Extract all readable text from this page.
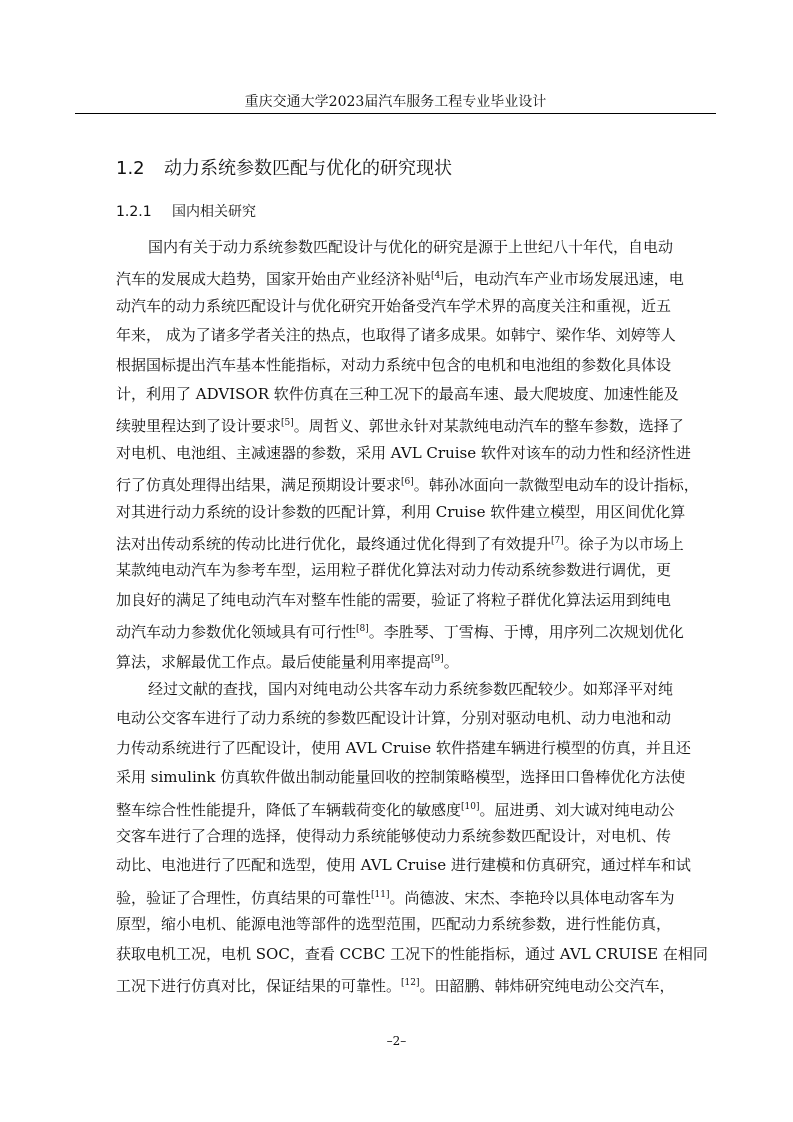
重庆交通大学2023届汽车服务工程专业毕业设计
1.2 动力系统参数匹配与优化的研究现状
1.2.1 国内相关研究
国内有关于动力系统参数匹配设计与优化的研究是源于上世纪八十年代，自电动
汽车的发展成大趋势，国家开始由产业经济补贴[4]后，电动汽车产业市场发展迅速，电
动汽车的动力系统匹配设计与优化研究开始备受汽车学术界的高度关注和重视，近五
年来， 成为了诸多学者关注的热点，也取得了诸多成果。如韩宁、梁作华、刘婷等人
根据国标提出汽车基本性能指标，对动力系统中包含的电机和电池组的参数化具体设
计，利用了 ADVISOR 软件仿真在三种工况下的最高车速、最大爬坡度、加速性能及
续驶里程达到了设计要求[5]。周哲义、郭世永针对某款纯电动汽车的整车参数，选择了
对电机、电池组、主减速器的参数，采用 AVL Cruise 软件对该车的动力性和经济性进
行了仿真处理得出结果，满足预期设计要求[6]。韩孙冰面向一款微型电动车的设计指标，
对其进行动力系统的设计参数的匹配计算，利用 Cruise 软件建立模型，用区间优化算
法对出传动系统的传动比进行优化，最终通过优化得到了有效提升[7]。徐子为以市场上
某款纯电动汽车为参考车型，运用粒子群优化算法对动力传动系统参数进行调优，更
加良好的满足了纯电动汽车对整车性能的需要，验证了将粒子群优化算法运用到纯电
动汽车动力参数优化领域具有可行性[8]。李胜琴、丁雪梅、于博，用序列二次规划优化
算法，求解最优工作点。最后使能量利用率提高[9]。
经过文献的查找，国内对纯电动公共客车动力系统参数匹配较少。如郑泽平对纯
电动公交客车进行了动力系统的参数匹配设计计算，分别对驱动电机、动力电池和动
力传动系统进行了匹配设计，使用 AVL Cruise 软件搭建车辆进行模型的仿真，并且还
采用 simulink 仿真软件做出制动能量回收的控制策略模型，选择田口鲁棒优化方法使
整车综合性性能提升，降低了车辆载荷变化的敏感度[10]。屈进勇、刘大诚对纯电动公
交客车进行了合理的选择，使得动力系统能够使动力系统参数匹配设计，对电机、传
动比、电池进行了匹配和选型，使用 AVL Cruise 进行建模和仿真研究，通过样车和试
验，验证了合理性，仿真结果的可靠性[11]。尚德波、宋杰、李艳玲以具体电动客车为
原型，缩小电机、能源电池等部件的选型范围，匹配动力系统参数，进行性能仿真，
获取电机工况，电机 SOC，查看 CCBC 工况下的性能指标，通过 AVL CRUISE 在相同
工况下进行仿真对比，保证结果的可靠性。[12]。田韶鹏、韩炜研究纯电动公交汽车，
–2–
